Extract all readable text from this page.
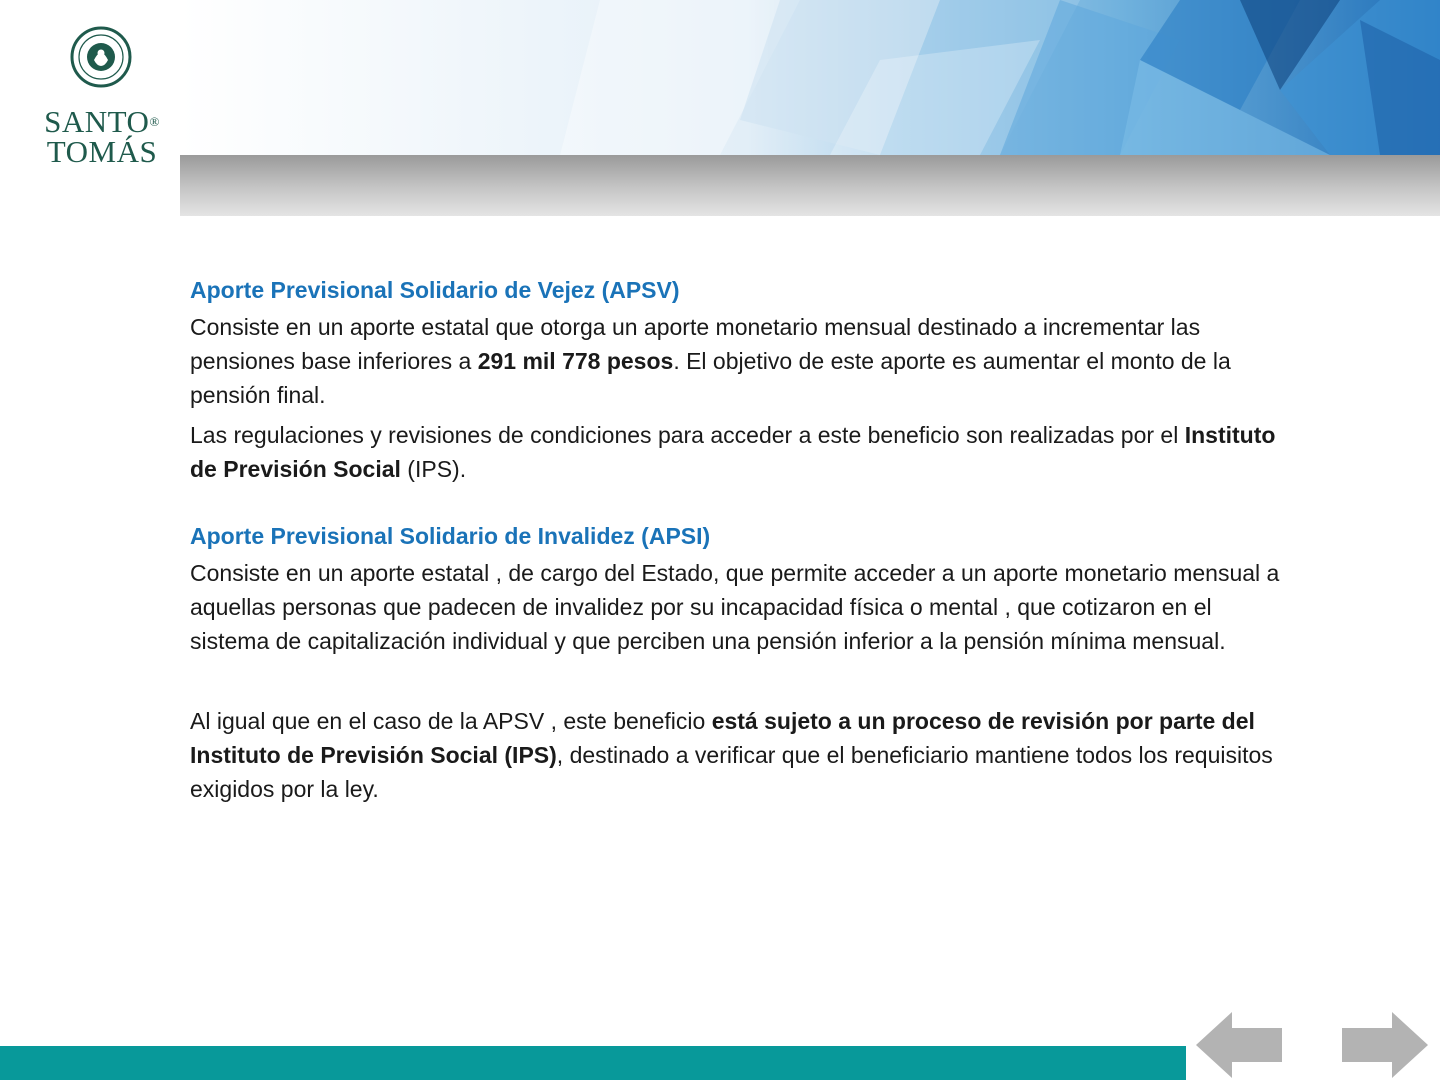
SANTO®
TOMÁS
Aporte Previsional Solidario de Vejez (APSV)

Consiste en un aporte estatal que otorga un aporte monetario mensual destinado a incrementar las pensiones base inferiores a 291 mil 778 pesos. El objetivo de este aporte es aumentar el monto de la pensión final.

Las regulaciones y revisiones de condiciones para acceder a este beneficio son realizadas por el Instituto de Previsión Social (IPS).

Aporte Previsional Solidario de Invalidez (APSI)

Consiste en un aporte estatal , de cargo del Estado, que permite acceder a un aporte monetario mensual a aquellas personas que padecen de invalidez por su incapacidad física o mental , que cotizaron en el sistema de capitalización individual y que perciben una pensión inferior a la pensión mínima mensual.

Al igual que en el caso de la APSV , este beneficio está sujeto a un proceso de revisión por parte del Instituto de Previsión Social (IPS), destinado a verificar que el beneficiario mantiene todos los requisitos exigidos por la ley.
